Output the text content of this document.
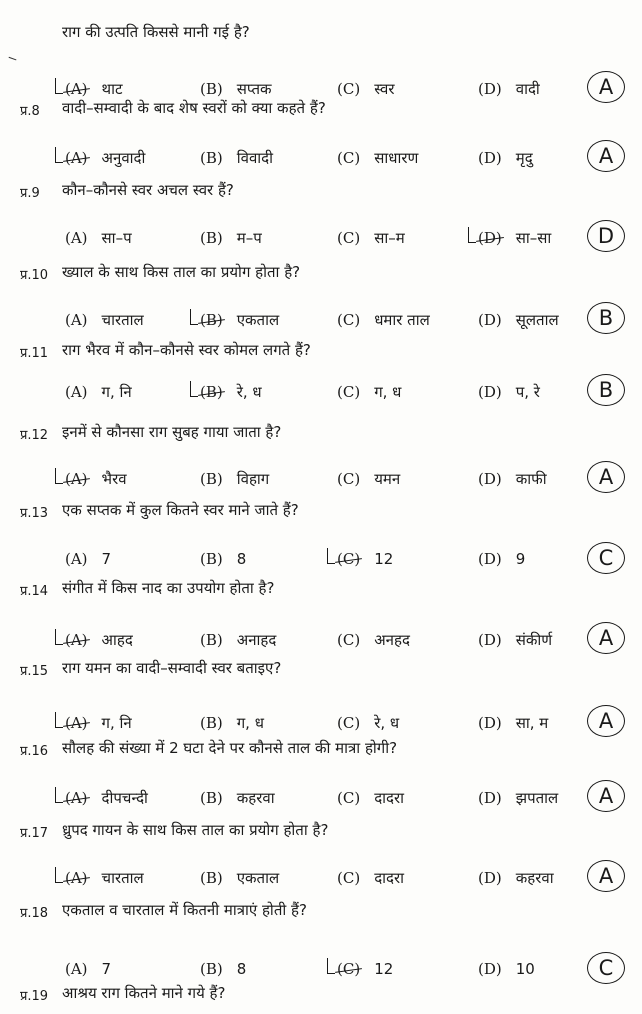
राग की उत्पति किससे मानी गई है?
(A) थाट	(B) सप्तक	(C) स्वर	(D) वादी	A
प्र.8 वादी–सम्वादी के बाद शेष स्वरों को क्या कहते हैं?
(A) अनुवादी	(B) विवादी	(C) साधारण	(D) मृदु	A
प्र.9 कौन–कौनसे स्वर अचल स्वर हैं?
(A) सा–प	(B) म–प	(C) सा–म	(D) सा–सा	D
प्र.10 ख्याल के साथ किस ताल का प्रयोग होता है?
(A) चारताल	(B) एकताल	(C) धमार ताल	(D) सूलताल	B
प्र.11 राग भैरव में कौन–कौनसे स्वर कोमल लगते हैं?
(A) ग, नि	(B) रे, ध	(C) ग, ध	(D) प, रे	B
प्र.12 इनमें से कौनसा राग सुबह गाया जाता है?
(A) भैरव	(B) विहाग	(C) यमन	(D) काफी	A
प्र.13 एक सप्तक में कुल कितने स्वर माने जाते हैं?
(A) 7	(B) 8	(C) 12	(D) 9	C
प्र.14 संगीत में किस नाद का उपयोग होता है?
(A) आहद	(B) अनाहद	(C) अनहद	(D) संकीर्ण	A
प्र.15 राग यमन का वादी–सम्वादी स्वर बताइए?
(A) ग, नि	(B) ग, ध	(C) रे, ध	(D) सा, म	A
प्र.16 सौलह की संख्या में 2 घटा देने पर कौनसे ताल की मात्रा होगी?
(A) दीपचन्दी	(B) कहरवा	(C) दादरा	(D) झपताल	A
प्र.17 ध्रुपद गायन के साथ किस ताल का प्रयोग होता है?
(A) चारताल	(B) एकताल	(C) दादरा	(D) कहरवा	A
प्र.18 एकताल व चारताल में कितनी मात्राएं होती हैं?
(A) 7	(B) 8	(C) 12	(D) 10	C
प्र.19 आश्रय राग कितने माने गये हैं?
